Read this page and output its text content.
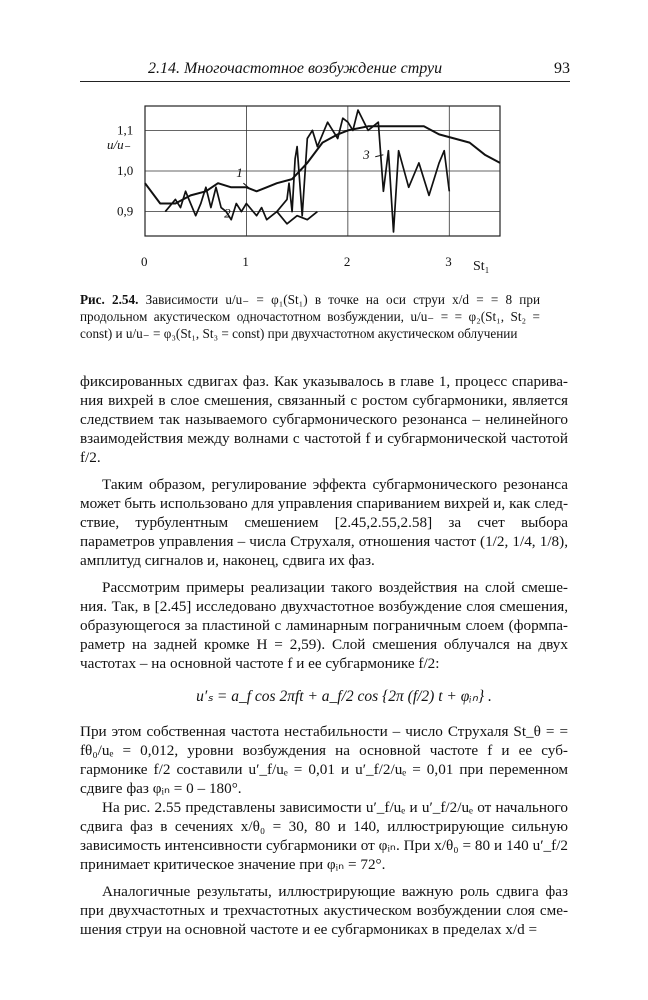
2.14. Многочастотное возбуждение струи	93
0	1	2	3
0,9
1,0
1,1
1
2
3
u/u₋
St₁
Рис. 2.54. Зависимости u/u₋ = φ₁(St₁) в точке на оси струи x/d = = 8 при продольном акустическом одночастотном возбуждении, u/u₋ = = φ₂(St₁, St₂ = const) и u/u₋ = φ₃(St₁, St₃ = const) при двухчастотном акустическом облучении

фиксированных сдвигах фаз. Как указывалось в главе 1, процесс спарива- ния вихрей в слое смешения, связанный с ростом субгармоники, является следствием так называемого субгармонического резонанса – нелинейного взаимодействия между волнами с частотой f и субгармонической частотой f/2.

Таким образом, регулирование эффекта субгармонического резонанса может быть использовано для управления спариванием вихрей и, как след- ствие, турбулентным смешением [2.45,2.55,2.58] за счет выбора параметров управления – числа Струхаля, отношения частот (1/2, 1/4, 1/8), амплитуд сигналов и, наконец, сдвига их фаз.

Рассмотрим примеры реализации такого воздействия на слой смеше- ния. Так, в [2.45] исследовано двухчастотное возбуждение слоя смешения, образующегося за пластиной с ламинарным пограничным слоем (формпа- раметр на задней кромке H = 2,59). Слой смешения облучался на двух частотах – на основной частоте f и ее субгармонике f/2:

u′ₛ = a_f cos 2πft + a_f/2 cos {2π (f/2) t + φᵢₙ} .

При этом собственная частота нестабильности – число Струхаля St_θ = = fθ₀/uₑ = 0,012, уровни возбуждения на основной частоте f и ее суб- гармонике f/2 составили u′_f/uₑ = 0,01 и u′_f/2/uₑ = 0,01 при переменном сдвиге фаз φᵢₙ = 0 – 180°.

На рис. 2.55 представлены зависимости u′_f/uₑ и u′_f/2/uₑ от начального сдвига фаз в сечениях x/θ₀ = 30, 80 и 140, иллюстрирующие сильную зависимость интенсивности субгармоники от φᵢₙ. При x/θ₀ = 80 и 140 u′_f/2 принимает критическое значение при φᵢₙ = 72°.

Аналогичные результаты, иллюстрирующие важную роль сдвига фаз при двухчастотных и трехчастотных акустическом возбуждении слоя сме- шения струи на основной частоте и ее субгармониках в пределах x/d =
